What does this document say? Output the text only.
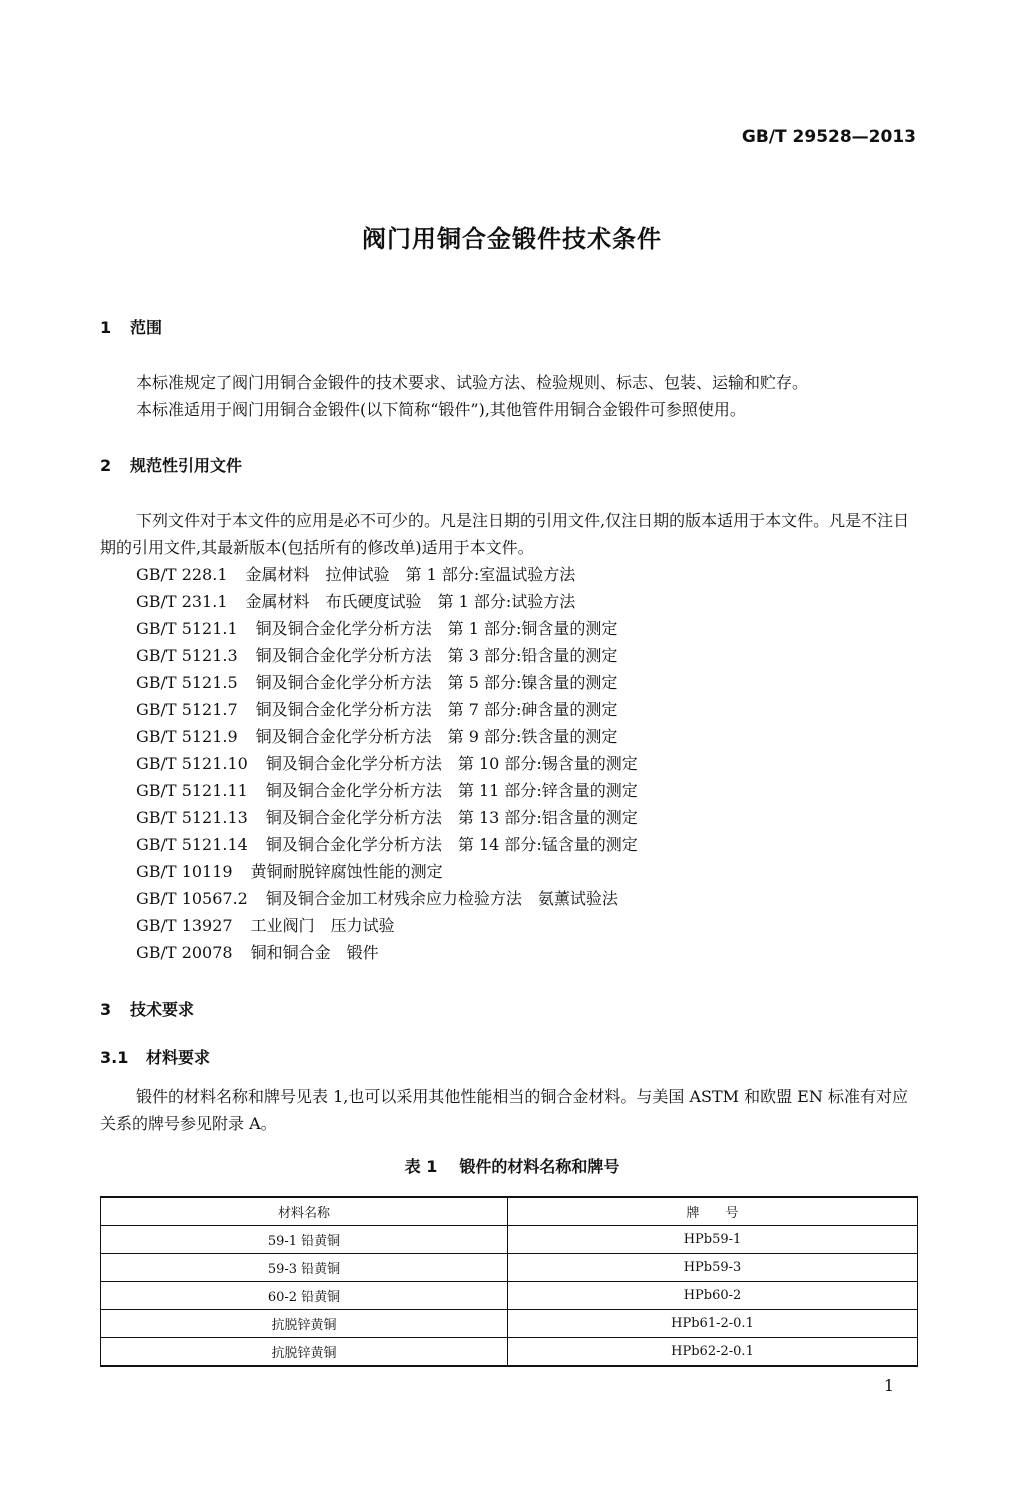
GB/T 29528—2013
阀门用铜合金锻件技术条件
1 范围
本标准规定了阀门用铜合金锻件的技术要求、试验方法、检验规则、标志、包装、运输和贮存。
本标准适用于阀门用铜合金锻件(以下简称“锻件”),其他管件用铜合金锻件可参照使用。
2 规范性引用文件
下列文件对于本文件的应用是必不可少的。凡是注日期的引用文件,仅注日期的版本适用于本文件。凡是不注日期的引用文件,其最新版本(包括所有的修改单)适用于本文件。
GB/T 228.1 金属材料　拉伸试验　第 1 部分:室温试验方法
GB/T 231.1 金属材料　布氏硬度试验　第 1 部分:试验方法
GB/T 5121.1 铜及铜合金化学分析方法　第 1 部分:铜含量的测定
GB/T 5121.3 铜及铜合金化学分析方法　第 3 部分:铅含量的测定
GB/T 5121.5 铜及铜合金化学分析方法　第 5 部分:镍含量的测定
GB/T 5121.7 铜及铜合金化学分析方法　第 7 部分:砷含量的测定
GB/T 5121.9 铜及铜合金化学分析方法　第 9 部分:铁含量的测定
GB/T 5121.10 铜及铜合金化学分析方法　第 10 部分:锡含量的测定
GB/T 5121.11 铜及铜合金化学分析方法　第 11 部分:锌含量的测定
GB/T 5121.13 铜及铜合金化学分析方法　第 13 部分:铝含量的测定
GB/T 5121.14 铜及铜合金化学分析方法　第 14 部分:锰含量的测定
GB/T 10119 黄铜耐脱锌腐蚀性能的测定
GB/T 10567.2 铜及铜合金加工材残余应力检验方法　氨薰试验法
GB/T 13927 工业阀门　压力试验
GB/T 20078 铜和铜合金　锻件
3 技术要求
3.1 材料要求
锻件的材料名称和牌号见表 1,也可以采用其他性能相当的铜合金材料。与美国 ASTM 和欧盟 EN 标准有对应关系的牌号参见附录 A。
表 1 锻件的材料名称和牌号
材料名称	牌　　号
59-1 铅黄铜	HPb59-1
59-3 铅黄铜	HPb59-3
60-2 铅黄铜	HPb60-2
抗脱锌黄铜	HPb61-2-0.1
抗脱锌黄铜	HPb62-2-0.1
1
